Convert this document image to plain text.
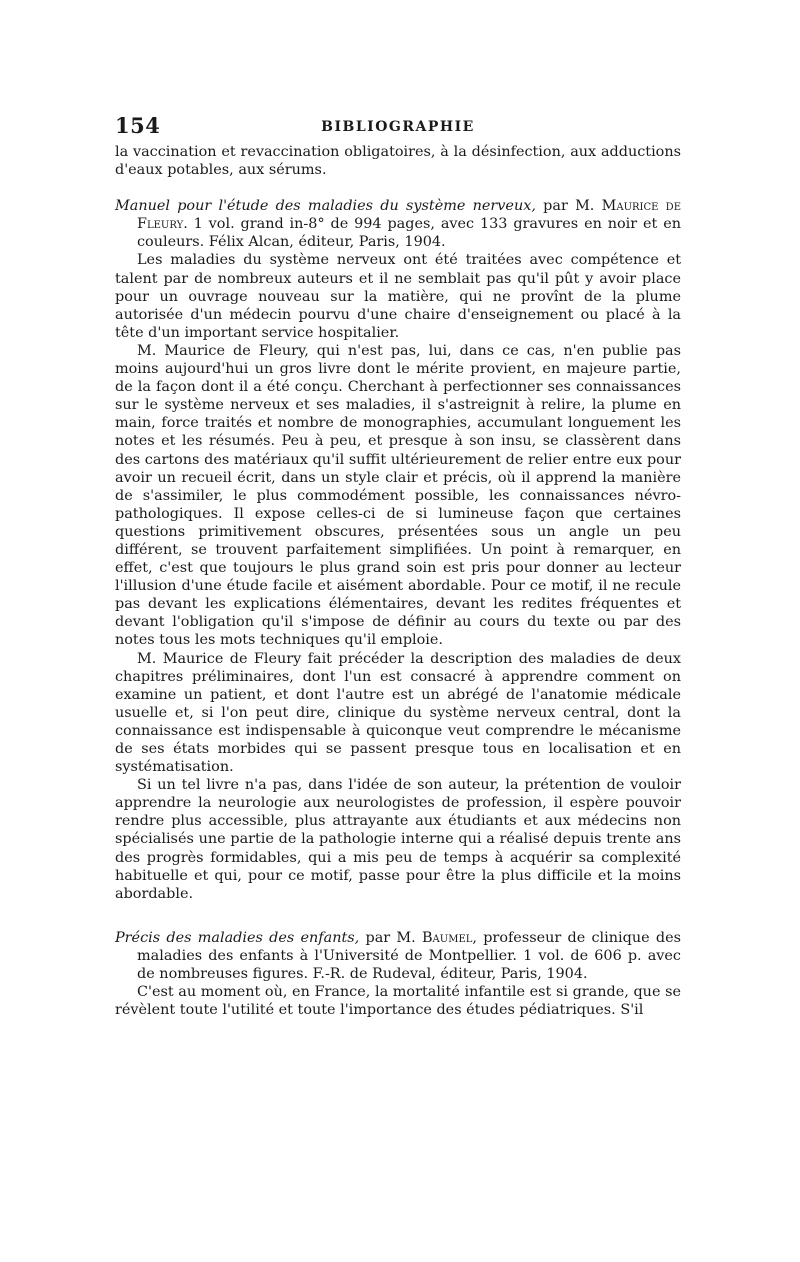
154	BIBLIOGRAPHIE

la vaccination et revaccination obligatoires, à la désinfection, aux adductions d'eaux potables, aux sérums.

Manuel pour l'étude des maladies du système nerveux, par M. Maurice de Fleury. 1 vol. grand in-8° de 994 pages, avec 133 gravures en noir et en couleurs. Félix Alcan, éditeur, Paris, 1904.

Les maladies du système nerveux ont été traitées avec compétence et talent par de nombreux auteurs et il ne semblait pas qu'il pût y avoir place pour un ouvrage nouveau sur la matière, qui ne provînt de la plume autorisée d'un médecin pourvu d'une chaire d'enseignement ou placé à la tête d'un important service hospitalier.

M. Maurice de Fleury, qui n'est pas, lui, dans ce cas, n'en publie pas moins aujourd'hui un gros livre dont le mérite provient, en majeure partie, de la façon dont il a été conçu. Cherchant à perfectionner ses connaissances sur le système nerveux et ses maladies, il s'astreignit à relire, la plume en main, force traités et nombre de monographies, accumulant longuement les notes et les résumés. Peu à peu, et presque à son insu, se classèrent dans des cartons des matériaux qu'il suffit ultérieurement de relier entre eux pour avoir un recueil écrit, dans un style clair et précis, où il apprend la manière de s'assimiler, le plus commodément possible, les connaissances névro-pathologiques. Il expose celles-ci de si lumineuse façon que certaines questions primitivement obscures, présentées sous un angle un peu différent, se trouvent parfaitement simplifiées. Un point à remarquer, en effet, c'est que toujours le plus grand soin est pris pour donner au lecteur l'illusion d'une étude facile et aisément abordable. Pour ce motif, il ne recule pas devant les explications élémentaires, devant les redites fréquentes et devant l'obligation qu'il s'impose de définir au cours du texte ou par des notes tous les mots techniques qu'il emploie.

M. Maurice de Fleury fait précéder la description des maladies de deux chapitres préliminaires, dont l'un est consacré à apprendre comment on examine un patient, et dont l'autre est un abrégé de l'anatomie médicale usuelle et, si l'on peut dire, clinique du système nerveux central, dont la connaissance est indispensable à quiconque veut comprendre le mécanisme de ses états morbides qui se passent presque tous en localisation et en systématisation.

Si un tel livre n'a pas, dans l'idée de son auteur, la prétention de vouloir apprendre la neurologie aux neurologistes de profession, il espère pouvoir rendre plus accessible, plus attrayante aux étudiants et aux médecins non spécialisés une partie de la pathologie interne qui a réalisé depuis trente ans des progrès formidables, qui a mis peu de temps à acquérir sa complexité habituelle et qui, pour ce motif, passe pour être la plus difficile et la moins abordable.

Précis des maladies des enfants, par M. Baumel, professeur de clinique des maladies des enfants à l'Université de Montpellier. 1 vol. de 606 p. avec de nombreuses figures. F.-R. de Rudeval, éditeur, Paris, 1904.

C'est au moment où, en France, la mortalité infantile est si grande, que se révèlent toute l'utilité et toute l'importance des études pédiatriques. S'il
